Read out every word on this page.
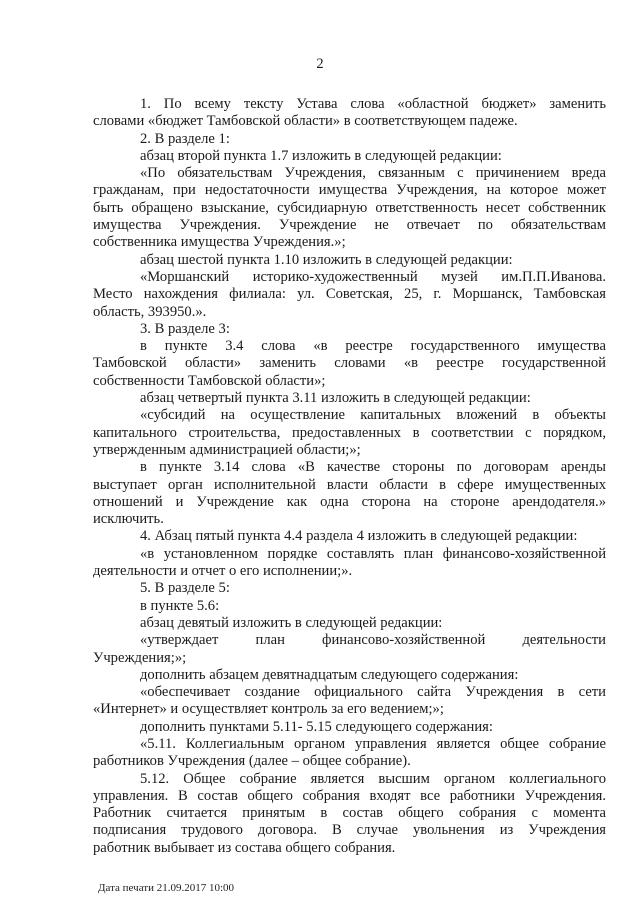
2
1. По всему тексту Устава слова «областной бюджет» заменить
словами «бюджет Тамбовской области» в соответствующем падеже.
2. В разделе 1:
абзац второй пункта 1.7 изложить в следующей редакции:
«По обязательствам Учреждения, связанным с причинением вреда
гражданам, при недостаточности имущества Учреждения, на которое может
быть обращено взыскание, субсидиарную ответственность несет собственник
имущества Учреждения. Учреждение не отвечает по обязательствам
собственника имущества Учреждения.»;
абзац шестой пункта 1.10 изложить в следующей редакции:
«Моршанский историко-художественный музей им.П.П.Иванова.
Место нахождения филиала: ул. Советская, 25, г. Моршанск, Тамбовская
область, 393950.».
3. В разделе 3:
в пункте 3.4 слова «в реестре государственного имущества
Тамбовской области» заменить словами «в реестре государственной
собственности Тамбовской области»;
абзац четвертый пункта 3.11 изложить в следующей редакции:
«субсидий на осуществление капитальных вложений в объекты
капитального строительства, предоставленных в соответствии с порядком,
утвержденным администрацией области;»;
в пункте 3.14 слова «В качестве стороны по договорам аренды
выступает орган исполнительной власти области в сфере имущественных
отношений и Учреждение как одна сторона на стороне арендодателя.»
исключить.
4. Абзац пятый пункта 4.4 раздела 4 изложить в следующей редакции:
«в установленном порядке составлять план финансово-хозяйственной
деятельности и отчет о его исполнении;».
5. В разделе 5:
в пункте 5.6:
абзац девятый изложить в следующей редакции:
«утверждает план финансово-хозяйственной деятельности
Учреждения;»;
дополнить абзацем девятнадцатым следующего содержания:
«обеспечивает создание официального сайта Учреждения в сети
«Интернет» и осуществляет контроль за его ведением;»;
дополнить пунктами 5.11- 5.15 следующего содержания:
«5.11. Коллегиальным органом управления является общее собрание
работников Учреждения (далее – общее собрание).
5.12. Общее собрание является высшим органом коллегиального
управления. В состав общего собрания входят все работники Учреждения.
Работник считается принятым в состав общего собрания с момента
подписания трудового договора. В случае увольнения из Учреждения
работник выбывает из состава общего собрания.
Дата печати 21.09.2017 10:00
